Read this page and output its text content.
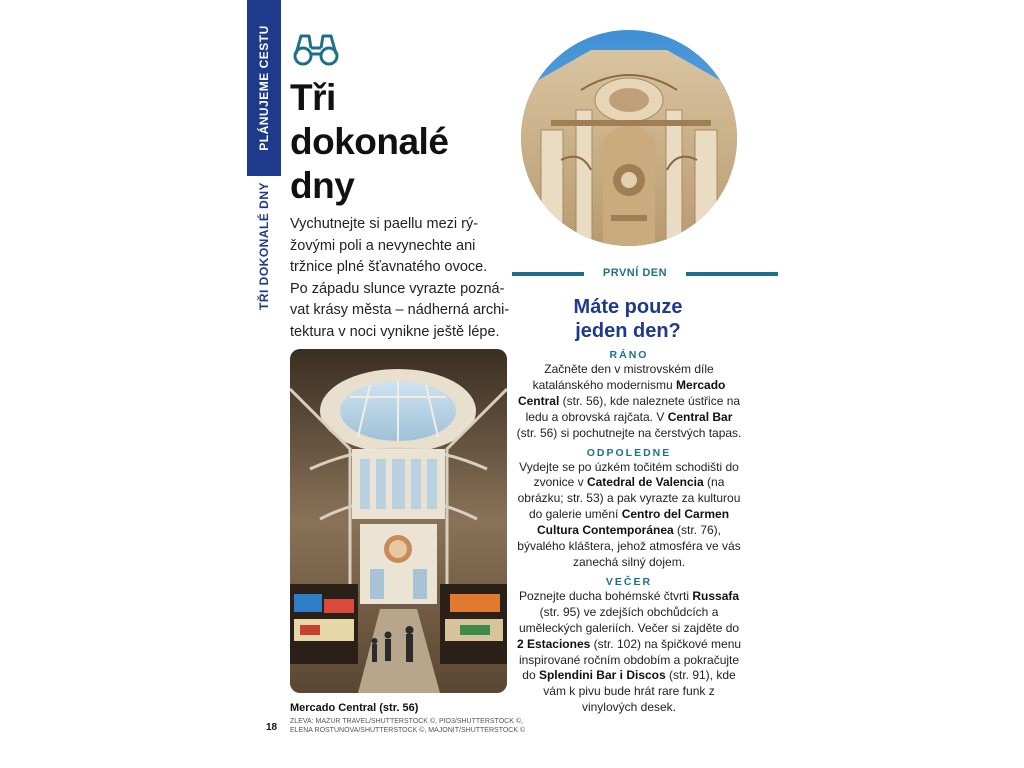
PLÁNUJEME CESTU
TŘI DOKONALÉ DNY
Tři
dokonalé
dny

Vychutnejte si paellu mezi rý-
žovými poli a nevynechte ani
tržnice plné šťavnatého ovoce.
Po západu slunce vyrazte pozná-
vat krásy města – nádherná archi-
tektura v noci vynikne ještě lépe.

Mercado Central (str. 56)
18
ZLEVA: MAZUR TRAVEL/SHUTTERSTOCK ©, PIO3/SHUTTERSTOCK ©,
ELENA ROSTUNOVA/SHUTTERSTOCK ©, MAJONIT/SHUTTERSTOCK ©
PRVNÍ DEN
Máte pouze
jeden den?
RÁNO

Začněte den v mistrovském díle katalánského modernismu Mercado Central (str. 56), kde naleznete ústřice na ledu a obrovská rajčata. V Central Bar (str. 56) si pochutnejte na čerstvých tapas.

ODPOLEDNE

Vydejte se po úzkém točitém schodišti do zvonice v Catedral de Valencia (na obrázku; str. 53) a pak vyrazte za kulturou do galerie umění Centro del Carmen Cultura Contemporánea (str. 76), bývalého kláštera, jehož atmosféra ve vás zanechá silný dojem.

VEČER

Poznejte ducha bohémské čtvrti Russafa (str. 95) ve zdejších obchůdcích a uměleckých galeriích. Večer si zajděte do 2 Estaciones (str. 102) na špičkové menu inspirované ročním obdobím a pokračujte do Splendini Bar i Discos (str. 91), kde vám k pivu bude hrát rare funk z vinylových desek.
